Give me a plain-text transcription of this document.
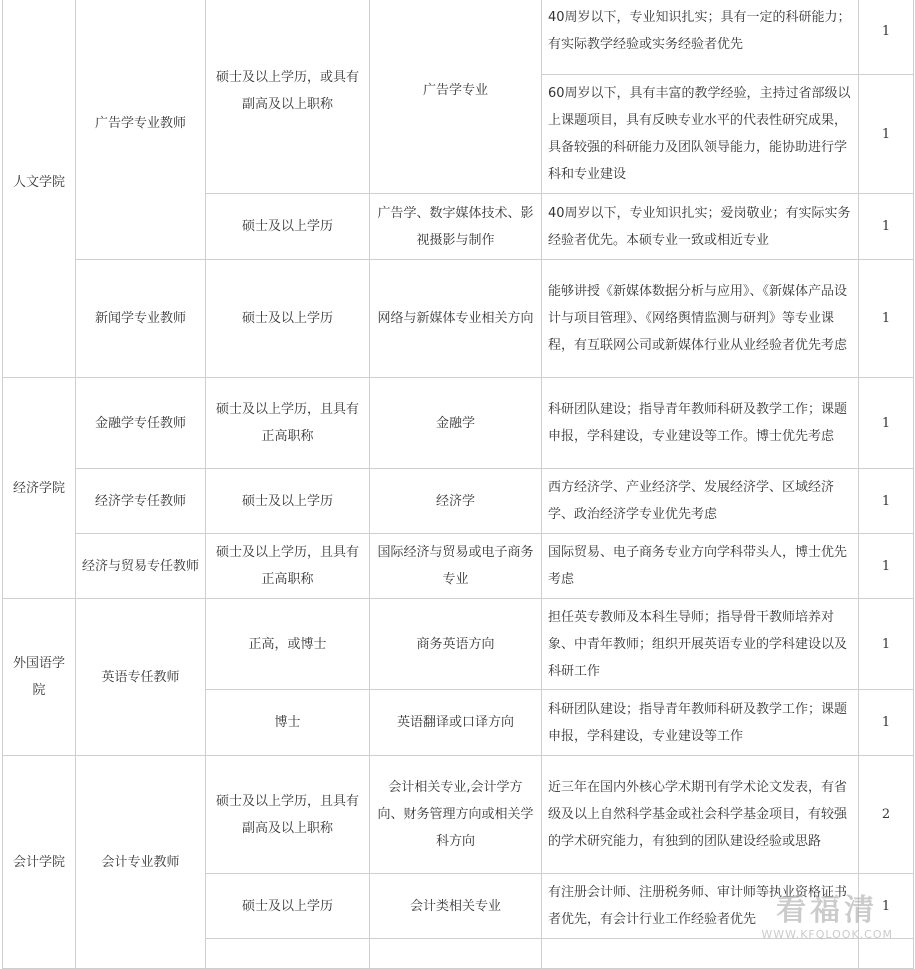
人文学院	广告学专业教师	硕士及以上学历，或具有副高及以上职称	广告学专业	40周岁以下，专业知识扎实；具有一定的科研能力；有实际教学经验或实务经验者优先	1
				60周岁以下，具有丰富的教学经验，主持过省部级以上课题项目，具有反映专业水平的代表性研究成果，具备较强的科研能力及团队领导能力，能协助进行学科和专业建设	1
		硕士及以上学历	广告学、数字媒体技术、影视摄影与制作	40周岁以下，专业知识扎实；爱岗敬业；有实际实务经验者优先。本硕专业一致或相近专业	1
	新闻学专业教师	硕士及以上学历	网络与新媒体专业相关方向	能够讲授《新媒体数据分析与应用》、《新媒体产品设计与项目管理》、《网络舆情监测与研判》等专业课程，有互联网公司或新媒体行业从业经验者优先考虑	1
经济学院	金融学专任教师	硕士及以上学历，且具有正高职称	金融学	科研团队建设；指导青年教师科研及教学工作；课题申报，学科建设，专业建设等工作。博士优先考虑	1
	经济学专任教师	硕士及以上学历	经济学	西方经济学、产业经济学、发展经济学、区域经济学、政治经济学专业优先考虑	1
	经济与贸易专任教师	硕士及以上学历，且具有正高职称	国际经济与贸易或电子商务专业	国际贸易、电子商务专业方向学科带头人，博士优先考虑	1
外国语学院	英语专任教师	正高，或博士	商务英语方向	担任英专教师及本科生导师；指导骨干教师培养对象、中青年教师；组织开展英语专业的学科建设以及科研工作	1
		博士	英语翻译或口译方向	科研团队建设；指导青年教师科研及教学工作；课题申报，学科建设，专业建设等工作	1
会计学院	会计专业教师	硕士及以上学历，且具有副高及以上职称	会计相关专业,会计学方向、财务管理方向或相关学科方向	近三年在国内外核心学术期刊有学术论文发表，有省级及以上自然科学基金或社会科学基金项目，有较强的学术研究能力，有独到的团队建设经验或思路	2
		硕士及以上学历	会计类相关专业	有注册会计师、注册税务师、审计师等执业资格证书者优先，有会计行业工作经验者优先	1

看福清
WWW.KFQLOOK.COM
